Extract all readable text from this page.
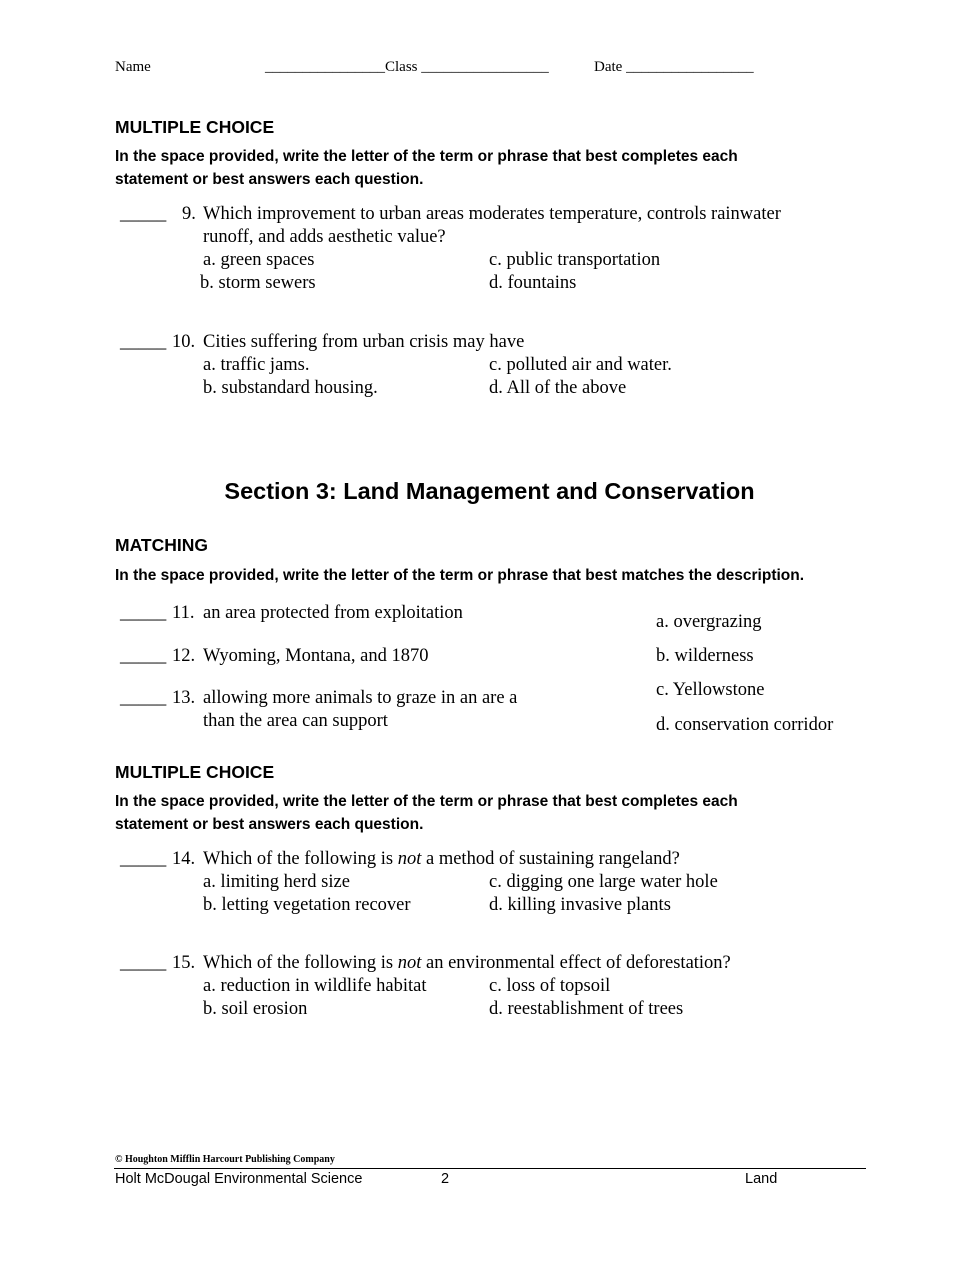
Name	________________Class _________________	Date _________________
MULTIPLE CHOICE
In the space provided, write the letter of the term or phrase that best completes each
statement or best answers each question.
_____ 9. Which improvement to urban areas moderates temperature, controls rainwater
runoff, and adds aesthetic value?
a. green spaces
b. storm sewers
c. public transportation
d. fountains
_____ 10. Cities suffering from urban crisis may have
a. traffic jams.
b. substandard housing.
c. polluted air and water.
d. All of the above
Section 3: Land Management and Conservation
MATCHING
In the space provided, write the letter of the term or phrase that best matches the description.
_____ 11. an area protected from exploitation
_____ 12. Wyoming, Montana, and 1870
_____ 13. allowing more animals to graze in an are a
than the area can support
a. overgrazing
b. wilderness
c. Yellowstone
d. conservation corridor
MULTIPLE CHOICE
In the space provided, write the letter of the term or phrase that best completes each
statement or best answers each question.
_____ 14. Which of the following is not a method of sustaining rangeland?
a. limiting herd size
b. letting vegetation recover
c. digging one large water hole
d. killing invasive plants
_____ 15. Which of the following is not an environmental effect of deforestation?
a. reduction in wildlife habitat
b. soil erosion
c. loss of topsoil
d. reestablishment of trees
© Houghton Mifflin Harcourt Publishing Company
Holt McDougal Environmental Science	2	Land
